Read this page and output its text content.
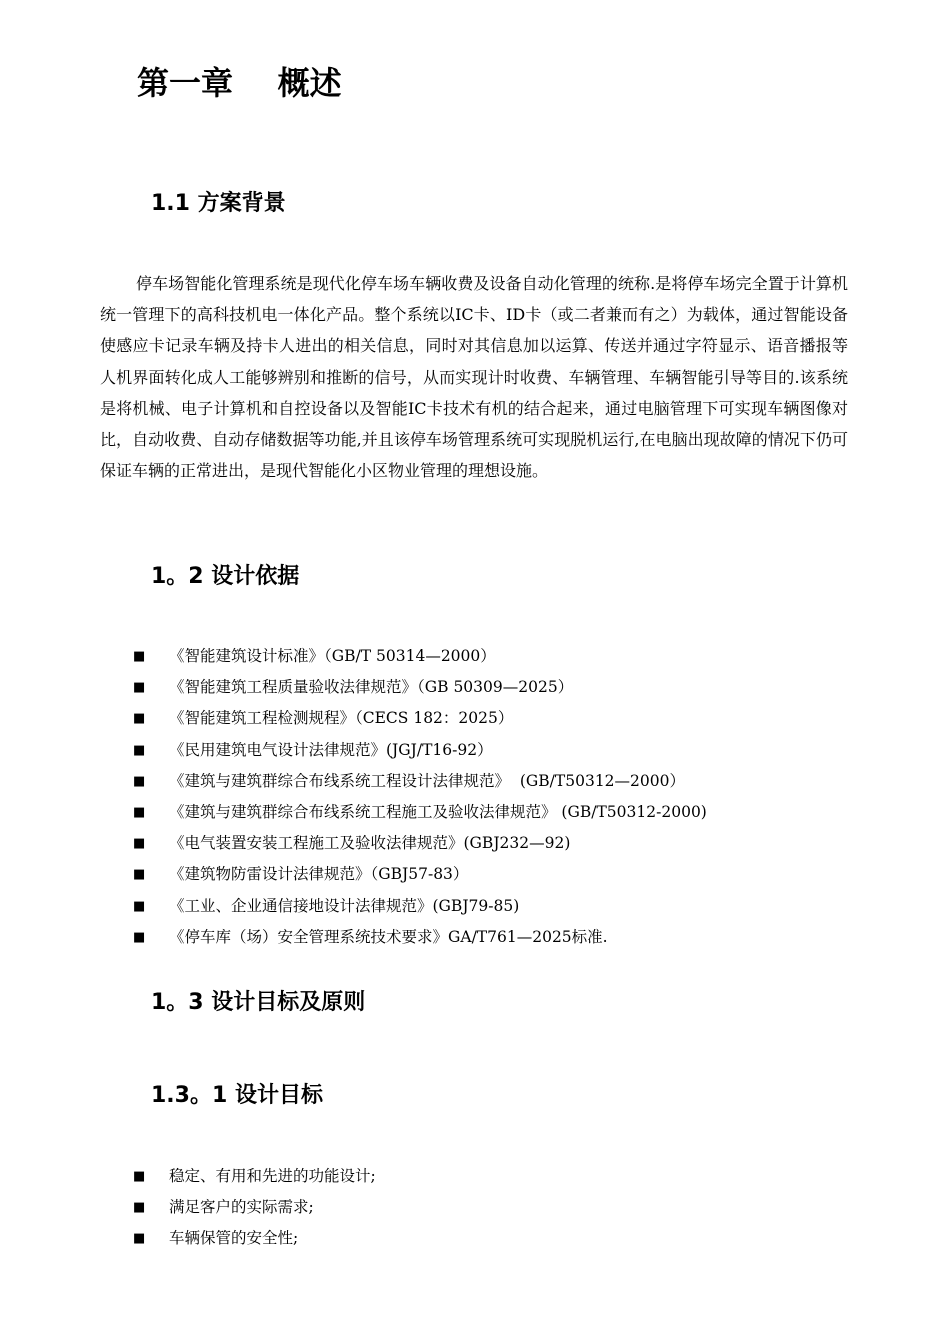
第一章    概述
1.1 方案背景

停车场智能化管理系统是现代化停车场车辆收费及设备自动化管理的统称.是将停车场完全置于计算机统一管理下的高科技机电一体化产品。整个系统以IC卡、ID卡（或二者兼而有之）为载体，通过智能设备使感应卡记录车辆及持卡人进出的相关信息，同时对其信息加以运算、传送并通过字符显示、语音播报等人机界面转化成人工能够辨别和推断的信号，从而实现计时收费、车辆管理、车辆智能引导等目的.该系统是将机械、电子计算机和自控设备以及智能IC卡技术有机的结合起来，通过电脑管理下可实现车辆图像对比，自动收费、自动存储数据等功能,并且该停车场管理系统可实现脱机运行,在电脑出现故障的情况下仍可保证车辆的正常进出，是现代智能化小区物业管理的理想设施。

1。2 设计依据
■	《智能建筑设计标准》（GB/T 50314—2000）
■	《智能建筑工程质量验收法律规范》（GB 50309—2025）
■	《智能建筑工程检测规程》（CECS 182：2025）
■	《民用建筑电气设计法律规范》(JGJ/T16-92）
■	《建筑与建筑群综合布线系统工程设计法律规范》  (GB/T50312—2000）
■	《建筑与建筑群综合布线系统工程施工及验收法律规范》 (GB/T50312-2000)
■	《电气装置安装工程施工及验收法律规范》(GBJ232—92)
■	《建筑物防雷设计法律规范》（GBJ57-83）
■	《工业、企业通信接地设计法律规范》(GBJ79-85)
■	《停车库（场）安全管理系统技术要求》GA/T761—2025标准.
1。3 设计目标及原则
1.3。1 设计目标
■	稳定、有用和先进的功能设计;
■	满足客户的实际需求;
■	车辆保管的安全性;
